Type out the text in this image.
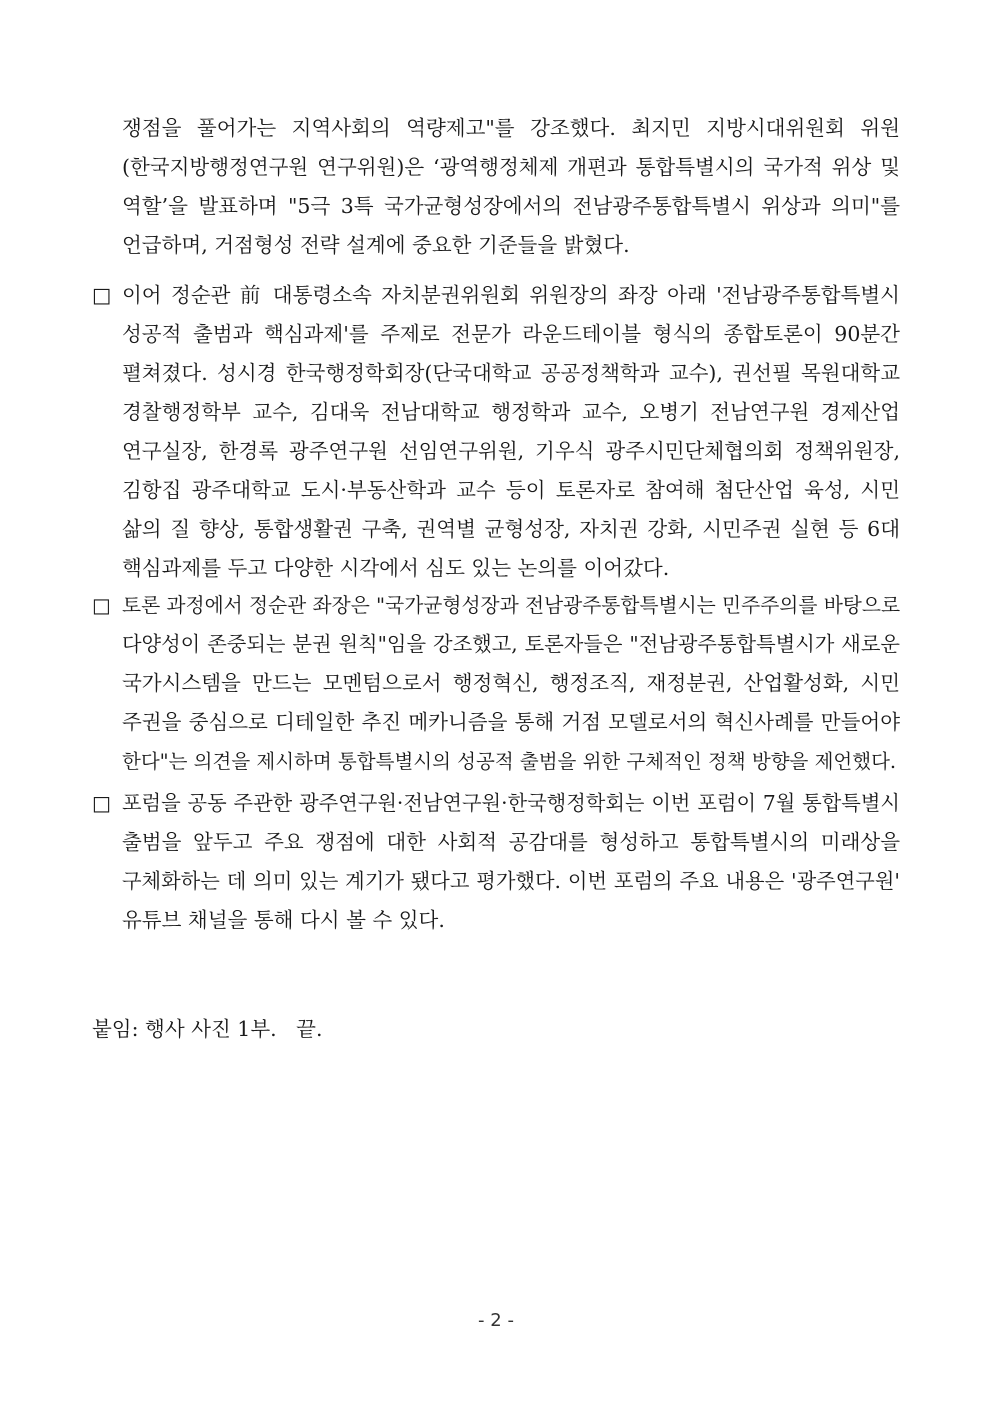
쟁점을 풀어가는 지역사회의 역량제고"를 강조했다. 최지민 지방시대위원회 위원
(한국지방행정연구원 연구위원)은 ‘광역행정체제 개편과 통합특별시의 국가적 위상 및
역할’을 발표하며 "5극 3특 국가균형성장에서의 전남광주통합특별시 위상과 의미"를
언급하며, 거점형성 전략 설계에 중요한 기준들을 밝혔다.
□ 이어 정순관 前 대통령소속 자치분권위원회 위원장의 좌장 아래 '전남광주통합특별시
성공적 출범과 핵심과제'를 주제로 전문가 라운드테이블 형식의 종합토론이 90분간
펼쳐졌다. 성시경 한국행정학회장(단국대학교 공공정책학과 교수), 권선필 목원대학교
경찰행정학부 교수, 김대욱 전남대학교 행정학과 교수, 오병기 전남연구원 경제산업
연구실장, 한경록 광주연구원 선임연구위원, 기우식 광주시민단체협의회 정책위원장,
김항집 광주대학교 도시·부동산학과 교수 등이 토론자로 참여해 첨단산업 육성, 시민
삶의 질 향상, 통합생활권 구축, 권역별 균형성장, 자치권 강화, 시민주권 실현 등 6대
핵심과제를 두고 다양한 시각에서 심도 있는 논의를 이어갔다.
□ 토론 과정에서 정순관 좌장은 "국가균형성장과 전남광주통합특별시는 민주주의를 바탕으로
다양성이 존중되는 분권 원칙"임을 강조했고, 토론자들은 "전남광주통합특별시가 새로운
국가시스템을 만드는 모멘텀으로서 행정혁신, 행정조직, 재정분권, 산업활성화, 시민
주권을 중심으로 디테일한 추진 메카니즘을 통해 거점 모델로서의 혁신사례를 만들어야
한다"는 의견을 제시하며 통합특별시의 성공적 출범을 위한 구체적인 정책 방향을 제언했다.
□ 포럼을 공동 주관한 광주연구원·전남연구원·한국행정학회는 이번 포럼이 7월 통합특별시
출범을 앞두고 주요 쟁점에 대한 사회적 공감대를 형성하고 통합특별시의 미래상을
구체화하는 데 의미 있는 계기가 됐다고 평가했다. 이번 포럼의 주요 내용은 '광주연구원'
유튜브 채널을 통해 다시 볼 수 있다.
붙임: 행사 사진 1부.   끝.
- 2 -
